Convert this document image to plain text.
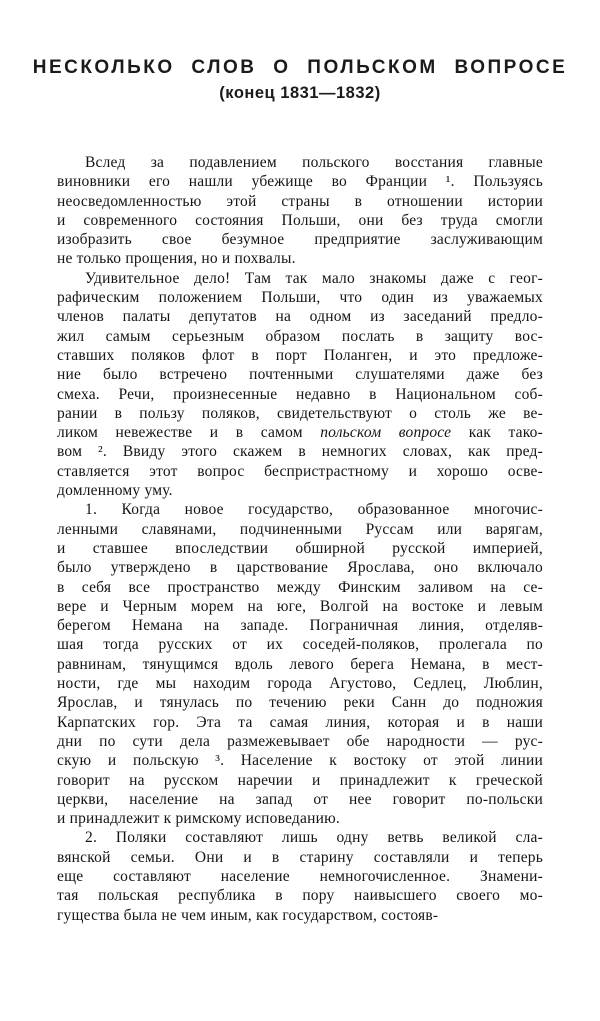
НЕСКОЛЬКО СЛОВ О ПОЛЬСКОМ ВОПРОСЕ
(конец 1831—1832)
Вслед за подавлением польского восстания главные
виновники его нашли убежище во Франции ¹. Пользуясь
неосведомленностью этой страны в отношении истории
и современного состояния Польши, они без труда смогли
изобразить свое безумное предприятие заслуживающим
не только прощения, но и похвалы.
Удивительное дело! Там так мало знакомы даже с геог-
рафическим положением Польши, что один из уважаемых
членов палаты депутатов на одном из заседаний предло-
жил самым серьезным образом послать в защиту вос-
ставших поляков флот в порт Поланген, и это предложе-
ние было встречено почтенными слушателями даже без
смеха. Речи, произнесенные недавно в Национальном соб-
рании в пользу поляков, свидетельствуют о столь же ве-
ликом невежестве и в самом польском вопросе как тако-
вом ². Ввиду этого скажем в немногих словах, как пред-
ставляется этот вопрос беспристрастному и хорошо осве-
домленному уму.
1. Когда новое государство, образованное многочис-
ленными славянами, подчиненными Руссам или варягам,
и ставшее впоследствии обширной русской империей,
было утверждено в царствование Ярослава, оно включало
в себя все пространство между Финским заливом на се-
вере и Черным морем на юге, Волгой на востоке и левым
берегом Немана на западе. Пограничная линия, отделяв-
шая тогда русских от их соседей-поляков, пролегала по
равнинам, тянущимся вдоль левого берега Немана, в мест-
ности, где мы находим города Агустово, Седлец, Люблин,
Ярослав, и тянулась по течению реки Санн до подножия
Карпатских гор. Эта та самая линия, которая и в наши
дни по сути дела размежевывает обе народности — рус-
скую и польскую ³. Население к востоку от этой линии
говорит на русском наречии и принадлежит к греческой
церкви, население на запад от нее говорит по-польски
и принадлежит к римскому исповеданию.
2. Поляки составляют лишь одну ветвь великой сла-
вянской семьи. Они и в старину составляли и теперь
еще составляют население немногочисленное. Знамени-
тая польская республика в пору наивысшего своего мо-
гущества была не чем иным, как государством, состояв-
